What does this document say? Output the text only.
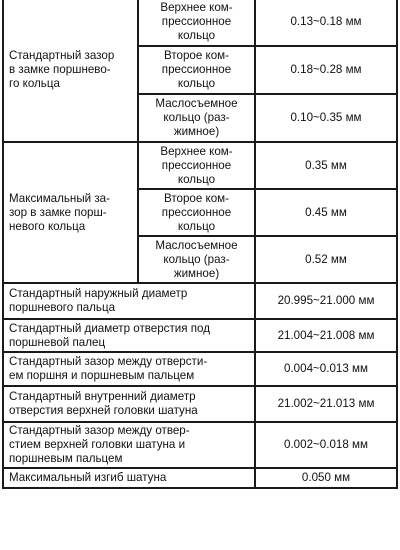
Стандартный зазор
в замке поршнево-
го кольца	Верхнее ком-
прессионное
кольцо	0.13~0.18 мм
	Второе ком-
прессионное
кольцо	0.18~0.28 мм
	Маслосъемное
кольцо (раз-
жимное)	0.10~0.35 мм
Максимальный за-
зор в замке порш-
невого кольца	Верхнее ком-
прессионное
кольцо	0.35 мм
	Второе ком-
прессионное
кольцо	0.45 мм
	Маслосъемное
кольцо (раз-
жимное)	0.52 мм
Стандартный наружный диаметр
поршневого пальца		20.995~21.000 мм
Стандартный диаметр отверстия под
поршневой палец		21.004~21.008 мм
Стандартный зазор между отверсти-
ем поршня и поршневым пальцем		0.004~0.013 мм
Стандартный внутренний диаметр
отверстия верхней головки шатуна		21.002~21.013 мм
Стандартный зазор между отвер-
стием верхней головки шатуна и
поршневым пальцем		0.002~0.018 мм
Максимальный изгиб шатуна		0.050 мм
